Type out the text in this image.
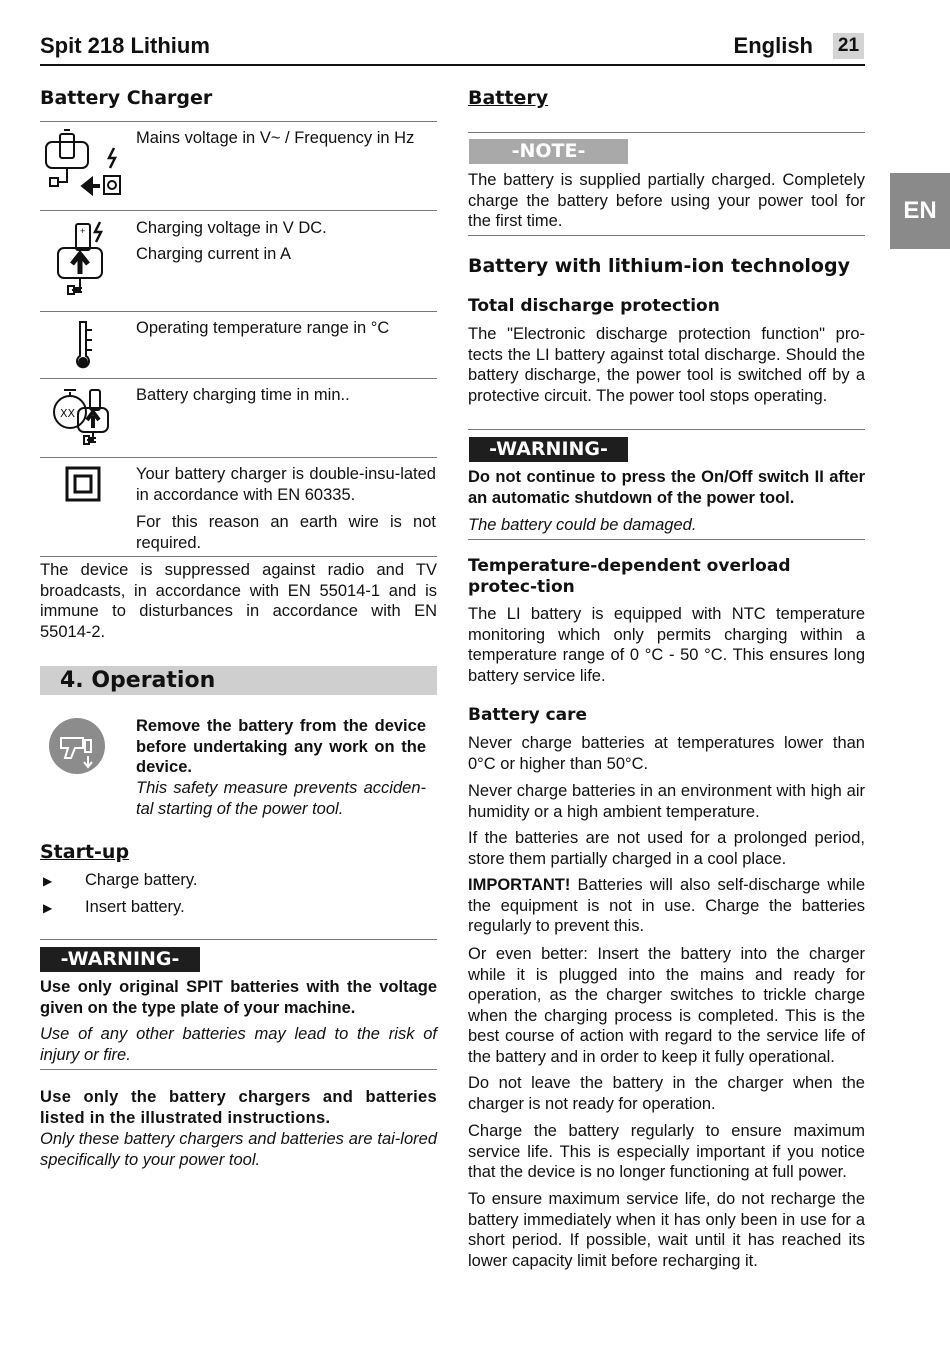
Spit 218 Lithium	English 21
EN
Battery Charger
Mains voltage in V~ / Frequency in Hz
+	Charging voltage in V DC.
Charging current in A
Operating temperature range in °C
XX
Battery charging time in min..
Your battery charger is double-insu-lated in accordance with EN 60335.
For this reason an earth wire is not required.
The device is suppressed against radio and TV broadcasts, in accordance with EN 55014-1 and is immune to disturbances in accordance with EN 55014-2.
4. Operation
Remove the battery from the device before undertaking any work on the device.
This safety measure prevents acciden-tal starting of the power tool.
Start-up
▶ Charge battery.
▶ Insert battery.
-WARNING-
Use only original SPIT batteries with the voltage given on the type plate of your machine.
Use of any other batteries may lead to the risk of injury or fire.
Use only the battery chargers and batteries listed in the illustrated instructions.
Only these battery chargers and batteries are tai-lored specifically to your power tool.
Battery
-NOTE-
The battery is supplied partially charged. Completely charge the battery before using your power tool for the first time.
Battery with lithium-ion technology
Total discharge protection
The "Electronic discharge protection function" pro-tects the LI battery against total discharge. Should the battery discharge, the power tool is switched off by a protective circuit. The power tool stops operating.
-WARNING-
Do not continue to press the On/Off switch II after an automatic shutdown of the power tool.
The battery could be damaged.
Temperature-dependent overload protec-tion
The LI battery is equipped with NTC temperature monitoring which only permits charging within a temperature range of 0 °C - 50 °C. This ensures long battery service life.
Battery care
Never charge batteries at temperatures lower than 0°C or higher than 50°C.
Never charge batteries in an environment with high air humidity or a high ambient temperature.
If the batteries are not used for a prolonged period, store them partially charged in a cool place.
IMPORTANT! Batteries will also self-discharge while the equipment is not in use. Charge the batteries regularly to prevent this.
Or even better: Insert the battery into the charger while it is plugged into the mains and ready for operation, as the charger switches to trickle charge when the charging process is completed. This is the best course of action with regard to the service life of the battery and in order to keep it fully operational.
Do not leave the battery in the charger when the charger is not ready for operation.
Charge the battery regularly to ensure maximum service life. This is especially important if you notice that the device is no longer functioning at full power.
To ensure maximum service life, do not recharge the battery immediately when it has only been in use for a short period. If possible, wait until it has reached its lower capacity limit before recharging it.
